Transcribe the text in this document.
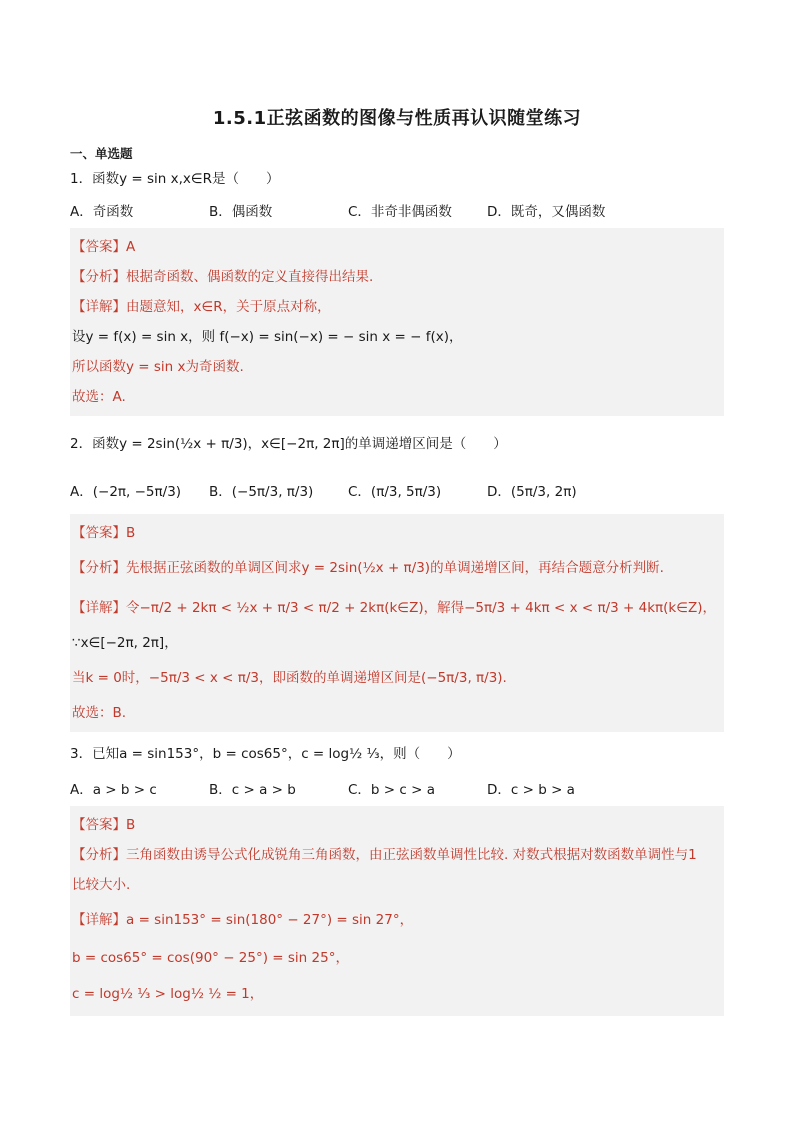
1.5.1正弦函数的图像与性质再认识随堂练习
一、单选题
1．函数y = sin x,x∈R是（　　）
A．奇函数	B．偶函数	C．非奇非偶函数	D．既奇，又偶函数
【答案】A
【分析】根据奇函数、偶函数的定义直接得出结果.
【详解】由题意知，x∈R，关于原点对称，
设y = f(x) = sin x，则 f(−x) = sin(−x) = − sin x = − f(x)，
所以函数y = sin x为奇函数.
故选：A.
2．函数y = 2sin(½x + π/3)，x∈[−2π, 2π]的单调递增区间是（　　）
A．(−2π, −5π/3)	B．(−5π/3, π/3)	C．(π/3, 5π/3)	D．(5π/3, 2π)
【答案】B
【分析】先根据正弦函数的单调区间求y = 2sin(½x + π/3)的单调递增区间，再结合题意分析判断.
【详解】令−π/2 + 2kπ < ½x + π/3 < π/2 + 2kπ(k∈Z)，解得−5π/3 + 4kπ < x < π/3 + 4kπ(k∈Z)，
∵x∈[−2π, 2π]，
当k = 0时，−5π/3 < x < π/3，即函数的单调递增区间是(−5π/3, π/3).
故选：B.
3．已知a = sin153°，b = cos65°，c = log½ ⅓，则（　　）
A．a > b > c	B．c > a > b	C．b > c > a	D．c > b > a
【答案】B
【分析】三角函数由诱导公式化成锐角三角函数，由正弦函数单调性比较. 对数式根据对数函数单调性与1
比较大小.
【详解】a = sin153° = sin(180° − 27°) = sin 27°，
b = cos65° = cos(90° − 25°) = sin 25°，
c = log½ ⅓ > log½ ½ = 1，
